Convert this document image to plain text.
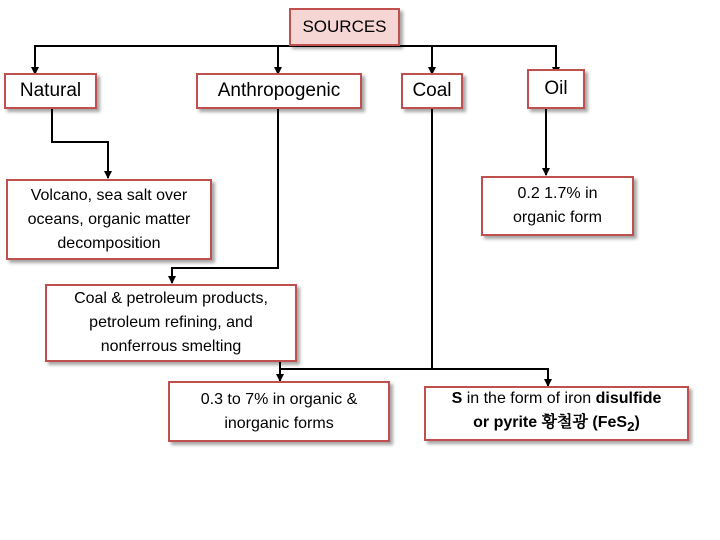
SOURCES
Natural	Anthropogenic	Coal	Oil
Volcano, sea salt over oceans, organic matter decomposition
0.2 1.7% in organic form
Coal & petroleum products, petroleum refining, and nonferrous smelting
0.3 to 7% in organic & inorganic forms
S in the form of iron disulfide
or pyrite 황철광 (FeS$_2$)
